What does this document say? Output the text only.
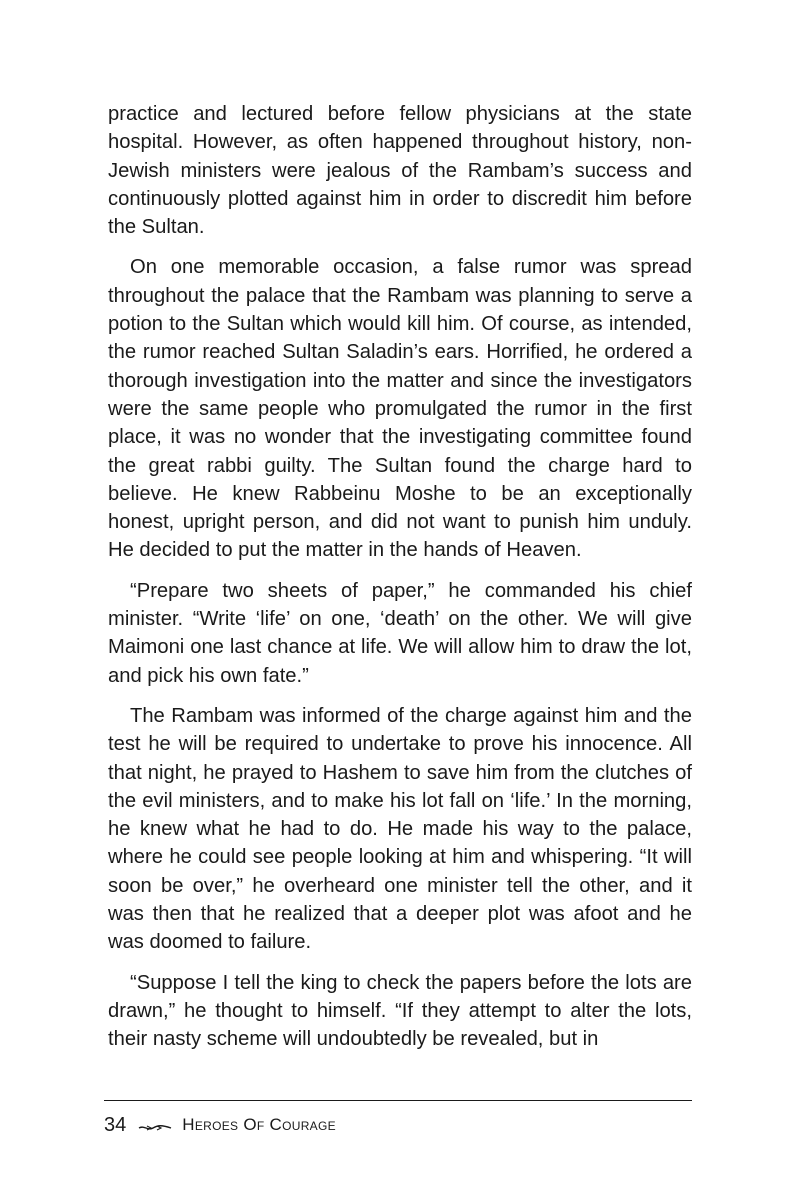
practice and lectured before fellow physicians at the state hospital. However, as often happened throughout history, non-Jewish ministers were jealous of the Rambam’s success and continuously plotted against him in order to discredit him before the Sultan.

On one memorable occasion, a false rumor was spread throughout the palace that the Rambam was planning to serve a potion to the Sultan which would kill him. Of course, as intended, the rumor reached Sultan Saladin’s ears. Horrified, he ordered a thorough investigation into the matter and since the investigators were the same people who promulgated the rumor in the first place, it was no wonder that the investigating committee found the great rabbi guilty. The Sultan found the charge hard to believe. He knew Rabbeinu Moshe to be an exceptionally honest, upright person, and did not want to punish him unduly. He decided to put the matter in the hands of Heaven.

“Prepare two sheets of paper,” he commanded his chief minister. “Write ‘life’ on one, ‘death’ on the other. We will give Maimoni one last chance at life. We will allow him to draw the lot, and pick his own fate.”

The Rambam was informed of the charge against him and the test he will be required to undertake to prove his innocence. All that night, he prayed to Hashem to save him from the clutches of the evil ministers, and to make his lot fall on ‘life.’ In the morning, he knew what he had to do. He made his way to the palace, where he could see people looking at him and whispering. “It will soon be over,” he overheard one minister tell the other, and it was then that he realized that a deeper plot was afoot and he was doomed to failure.

“Suppose I tell the king to check the papers before the lots are drawn,” he thought to himself. “If they attempt to alter the lots, their nasty scheme will undoubtedly be revealed, but in

34	Heroes Of Courage
